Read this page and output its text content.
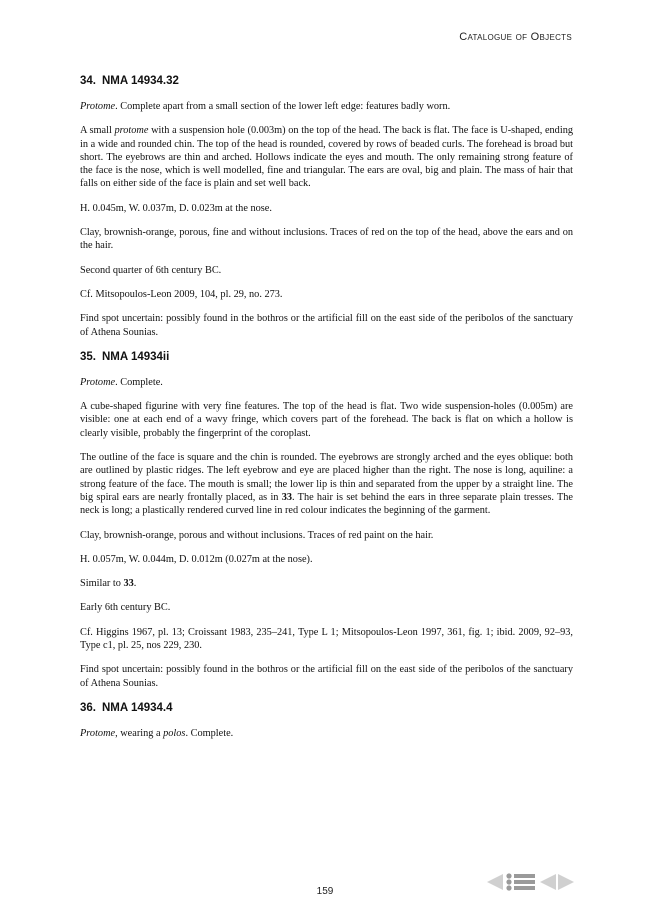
Catalogue of Objects
34. NMA 14934.32

Protome. Complete apart from a small section of the lower left edge: features badly worn.

A small protome with a suspension hole (0.003m) on the top of the head. The back is flat. The face is U-shaped, ending in a wide and rounded chin. The top of the head is rounded, covered by rows of beaded curls. The forehead is broad but short. The eyebrows are thin and arched. Hollows indicate the eyes and mouth. The only remaining strong feature of the face is the nose, which is well modelled, fine and triangular. The ears are oval, big and plain. The mass of hair that falls on either side of the face is plain and set well back.

H. 0.045m, W. 0.037m, D. 0.023m at the nose.

Clay, brownish-orange, porous, fine and without inclusions. Traces of red on the top of the head, above the ears and on the hair.

Second quarter of 6th century BC.

Cf. Mitsopoulos-Leon 2009, 104, pl. 29, no. 273.

Find spot uncertain: possibly found in the bothros or the artificial fill on the east side of the peribolos of the sanctuary of Athena Sounias.

35. NMA 14934ii

Protome. Complete.

A cube-shaped figurine with very fine features. The top of the head is flat. Two wide suspension-holes (0.005m) are visible: one at each end of a wavy fringe, which covers part of the forehead. The back is flat on which a hollow is clearly visible, probably the fingerprint of the coroplast.

The outline of the face is square and the chin is rounded. The eyebrows are strongly arched and the eyes oblique: both are outlined by plastic ridges. The left eyebrow and eye are placed higher than the right. The nose is long, aquiline: a strong feature of the face. The mouth is small; the lower lip is thin and separated from the upper by a straight line. The big spiral ears are nearly frontally placed, as in 33. The hair is set behind the ears in three separate plain tresses. The neck is long; a plastically rendered curved line in red colour indicates the beginning of the garment.

Clay, brownish-orange, porous and without inclusions. Traces of red paint on the hair.

H. 0.057m, W. 0.044m, D. 0.012m (0.027m at the nose).

Similar to 33.

Early 6th century BC.

Cf. Higgins 1967, pl. 13; Croissant 1983, 235–241, Type L 1; Mitsopoulos-Leon 1997, 361, fig. 1; ibid. 2009, 92–93, Type c1, pl. 25, nos 229, 230.

Find spot uncertain: possibly found in the bothros or the artificial fill on the east side of the peribolos of the sanctuary of Athena Sounias.

36. NMA 14934.4

Protome, wearing a polos. Complete.

159
